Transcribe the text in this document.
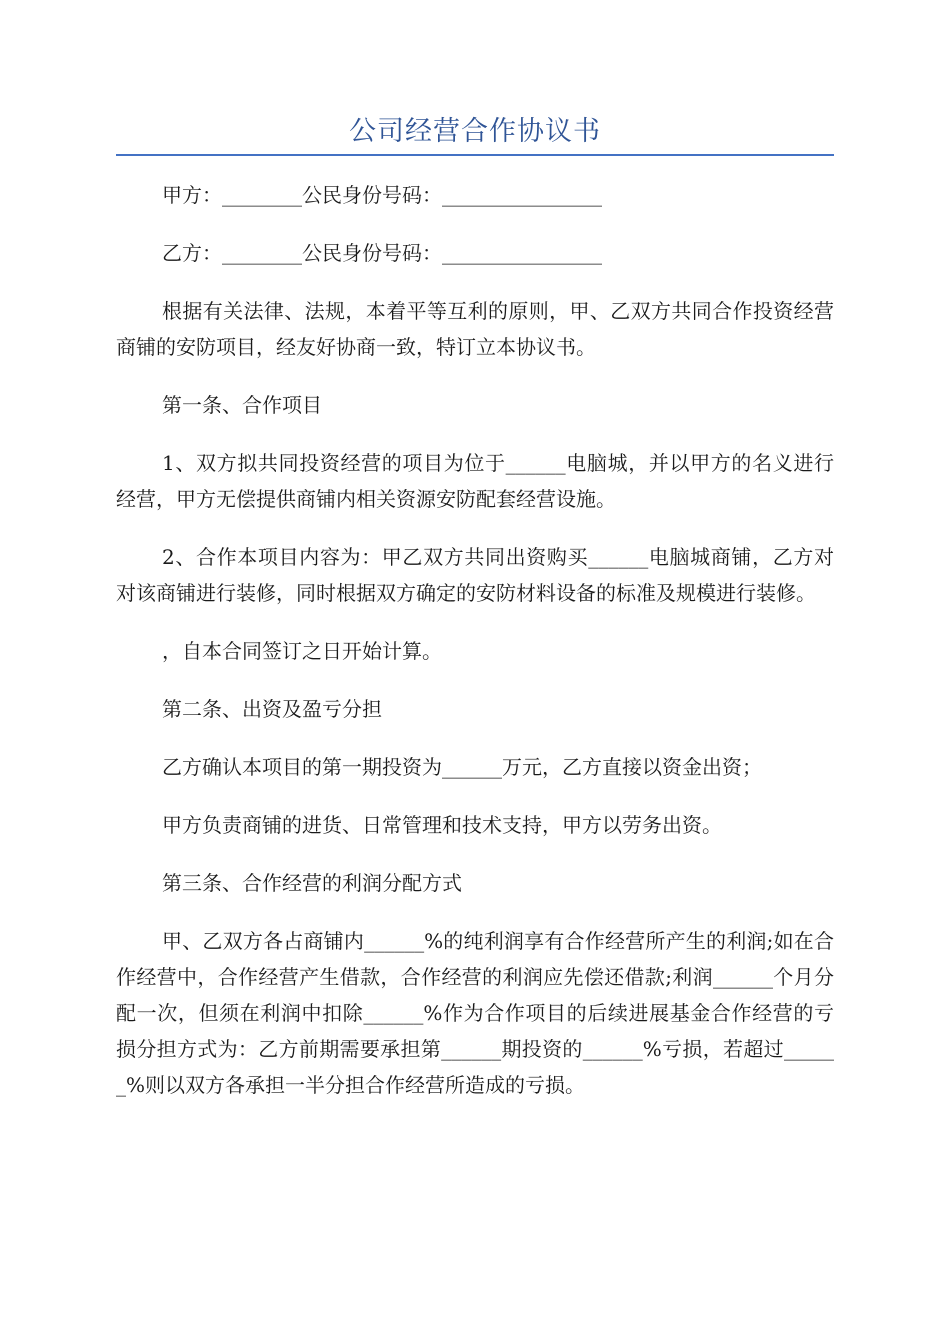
公司经营合作协议书

甲方：________公民身份号码：________________

乙方：________公民身份号码：________________

根据有关法律、法规，本着平等互利的原则，甲、乙双方共同合作投资经营商铺的安防项目，经友好协商一致，特订立本协议书。

第一条、合作项目

1、双方拟共同投资经营的项目为位于______电脑城，并以甲方的名义进行经营，甲方无偿提供商铺内相关资源安防配套经营设施。

2、合作本项目内容为：甲乙双方共同出资购买______电脑城商铺，乙方对对该商铺进行装修，同时根据双方确定的安防材料设备的标准及规模进行装修。

，自本合同签订之日开始计算。

第二条、出资及盈亏分担

乙方确认本项目的第一期投资为______万元，乙方直接以资金出资；

甲方负责商铺的进货、日常管理和技术支持，甲方以劳务出资。

第三条、合作经营的利润分配方式

甲、乙双方各占商铺内______%的纯利润享有合作经营所产生的利润;如在合作经营中，合作经营产生借款，合作经营的利润应先偿还借款;利润______个月分配一次，但须在利润中扣除______%作为合作项目的后续进展基金合作经营的亏损分担方式为：乙方前期需要承担第______期投资的______%亏损，若超过______%则以双方各承担一半分担合作经营所造成的亏损。
